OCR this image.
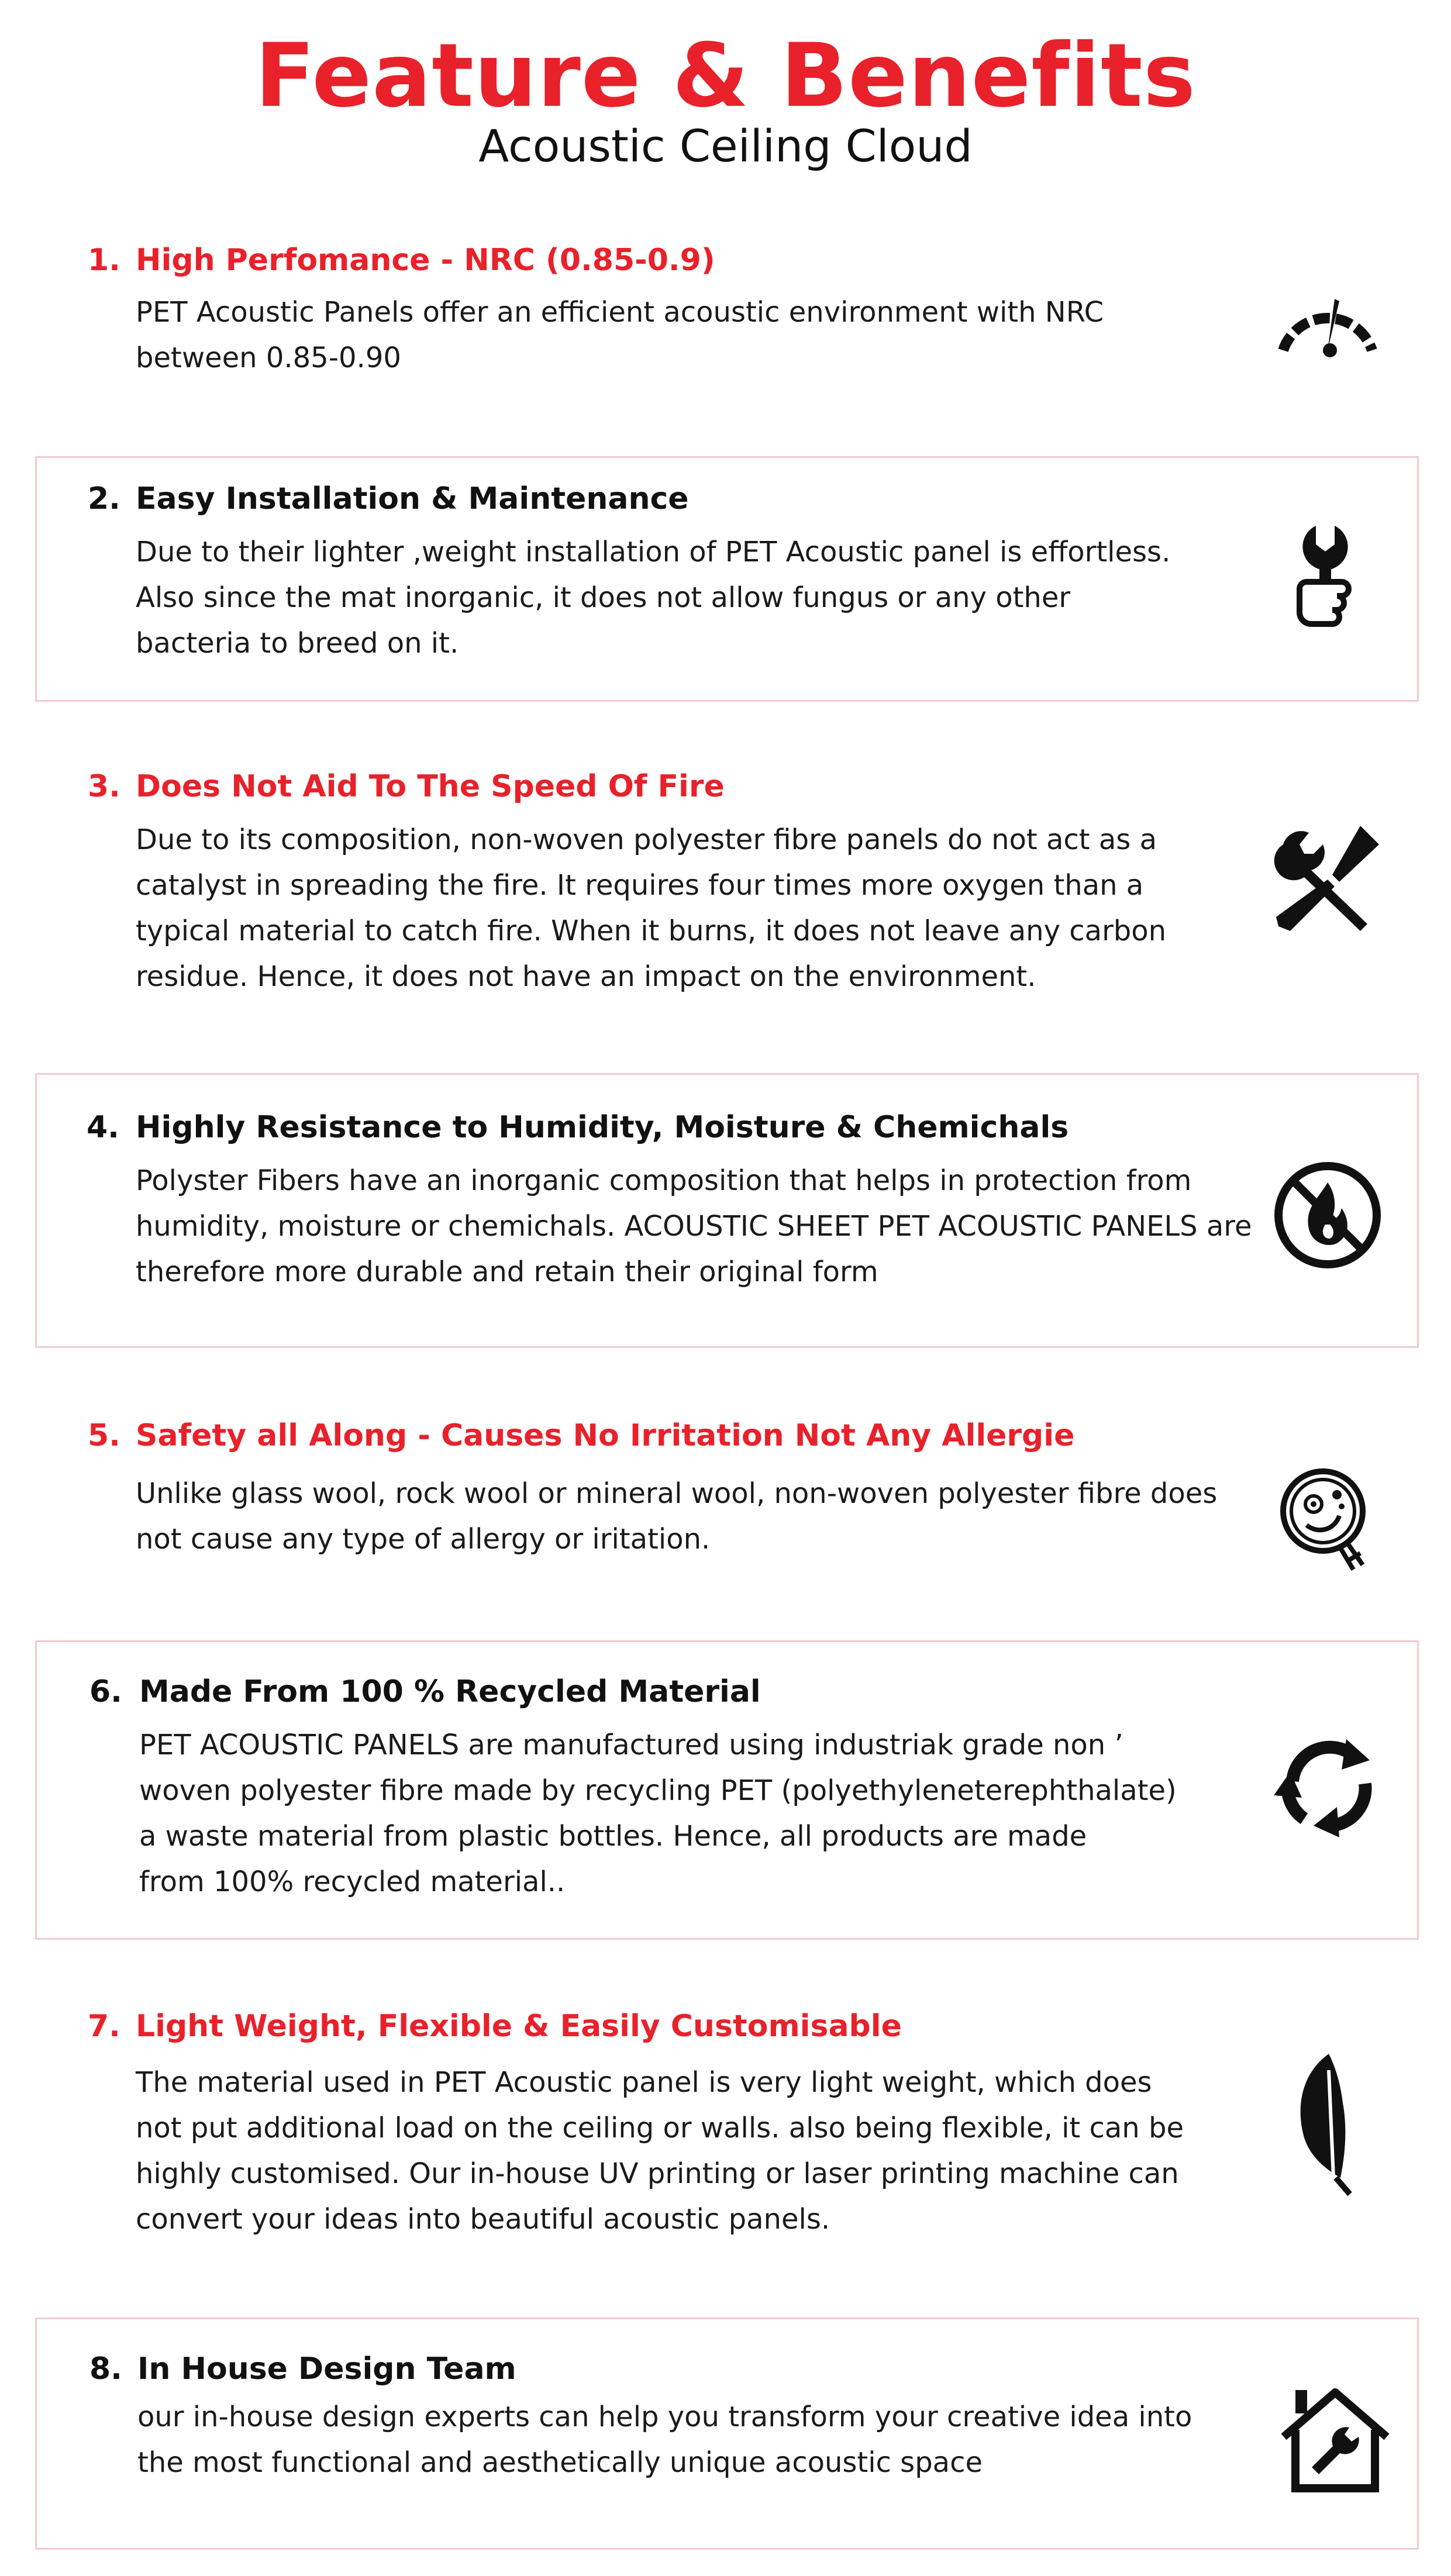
Feature & Benefits
Acoustic Ceiling Cloud
1. High Perfomance - NRC (0.85-0.9)

PET Acoustic Panels offer an efficient acoustic environment with NRC

between 0.85-0.90

2. Easy Installation & Maintenance

Due to their lighter ,weight installation of PET Acoustic panel is effortless.

Also since the mat inorganic, it does not allow fungus or any other

bacteria to breed on it.

3. Does Not Aid To The Speed Of Fire

Due to its composition, non-woven polyester fibre panels do not act as a

catalyst in spreading the fire. It requires four times more oxygen than a

typical material to catch fire. When it burns, it does not leave any carbon

residue. Hence, it does not have an impact on the environment.

4. Highly Resistance to Humidity, Moisture & Chemichals

Polyster Fibers have an inorganic composition that helps in protection from

humidity, moisture or chemichals. ACOUSTIC SHEET PET ACOUSTIC PANELS are

therefore more durable and retain their original form

5. Safety all Along - Causes No Irritation Not Any Allergie

Unlike glass wool, rock wool or mineral wool, non-woven polyester fibre does

not cause any type of allergy or iritation.

6. Made From 100 % Recycled Material

PET ACOUSTIC PANELS are manufactured using industriak grade non ’

woven polyester fibre made by recycling PET (polyethyleneterephthalate)

a waste material from plastic bottles. Hence, all products are made

from 100% recycled material..

7. Light Weight, Flexible & Easily Customisable

The material used in PET Acoustic panel is very light weight, which does

not put additional load on the ceiling or walls. also being flexible, it can be

highly customised. Our in-house UV printing or laser printing machine can

convert your ideas into beautiful acoustic panels.

8. In House Design Team

our in-house design experts can help you transform your creative idea into

the most functional and aesthetically unique acoustic space
